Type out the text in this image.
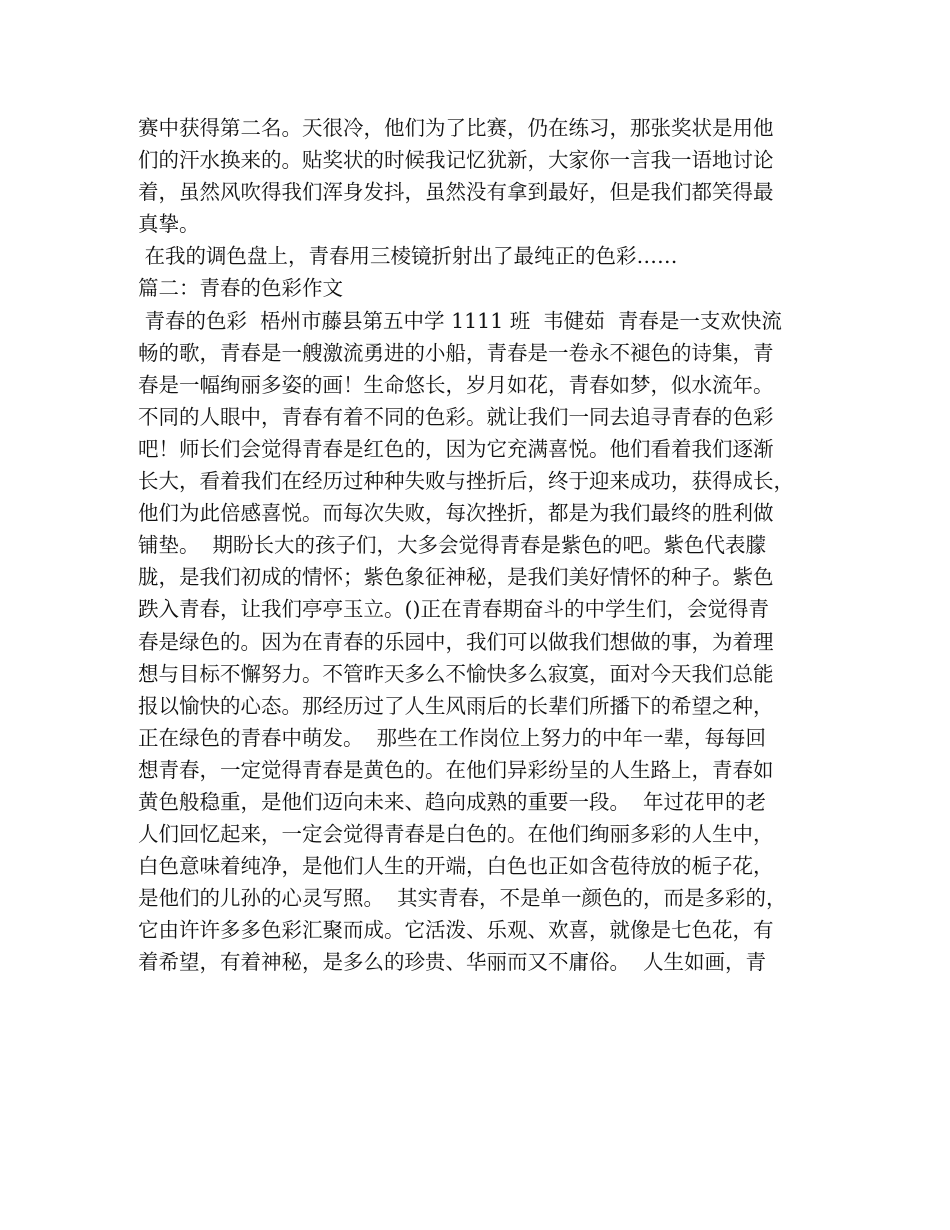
赛中获得第二名。天很冷，他们为了比赛，仍在练习，那张奖状是用他
们的汗水换来的。贴奖状的时候我记忆犹新，大家你一言我一语地讨论
着，虽然风吹得我们浑身发抖，虽然没有拿到最好，但是我们都笑得最
真挚。
在我的调色盘上，青春用三棱镜折射出了最纯正的色彩……
篇二：青春的色彩作文
青春的色彩  梧州市藤县第五中学 1111 班  韦健茹  青春是一支欢快流
畅的歌，青春是一艘激流勇进的小船，青春是一卷永不褪色的诗集，青
春是一幅绚丽多姿的画！生命悠长，岁月如花，青春如梦，似水流年。
不同的人眼中，青春有着不同的色彩。就让我们一同去追寻青春的色彩
吧！师长们会觉得青春是红色的，因为它充满喜悦。他们看着我们逐渐
长大，看着我们在经历过种种失败与挫折后，终于迎来成功，获得成长，
他们为此倍感喜悦。而每次失败，每次挫折，都是为我们最终的胜利做
铺垫。  期盼长大的孩子们，大多会觉得青春是紫色的吧。紫色代表朦
胧，是我们初成的情怀；紫色象征神秘，是我们美好情怀的种子。紫色
跌入青春，让我们亭亭玉立。()正在青春期奋斗的中学生们，会觉得青
春是绿色的。因为在青春的乐园中，我们可以做我们想做的事，为着理
想与目标不懈努力。不管昨天多么不愉快多么寂寞，面对今天我们总能
报以愉快的心态。那经历过了人生风雨后的长辈们所播下的希望之种，
正在绿色的青春中萌发。  那些在工作岗位上努力的中年一辈，每每回
想青春，一定觉得青春是黄色的。在他们异彩纷呈的人生路上，青春如
黄色般稳重，是他们迈向未来、趋向成熟的重要一段。  年过花甲的老
人们回忆起来，一定会觉得青春是白色的。在他们绚丽多彩的人生中，
白色意味着纯净，是他们人生的开端，白色也正如含苞待放的栀子花，
是他们的儿孙的心灵写照。  其实青春，不是单一颜色的，而是多彩的，
它由许许多多色彩汇聚而成。它活泼、乐观、欢喜，就像是七色花，有
着希望，有着神秘，是多么的珍贵、华丽而又不庸俗。  人生如画，青
